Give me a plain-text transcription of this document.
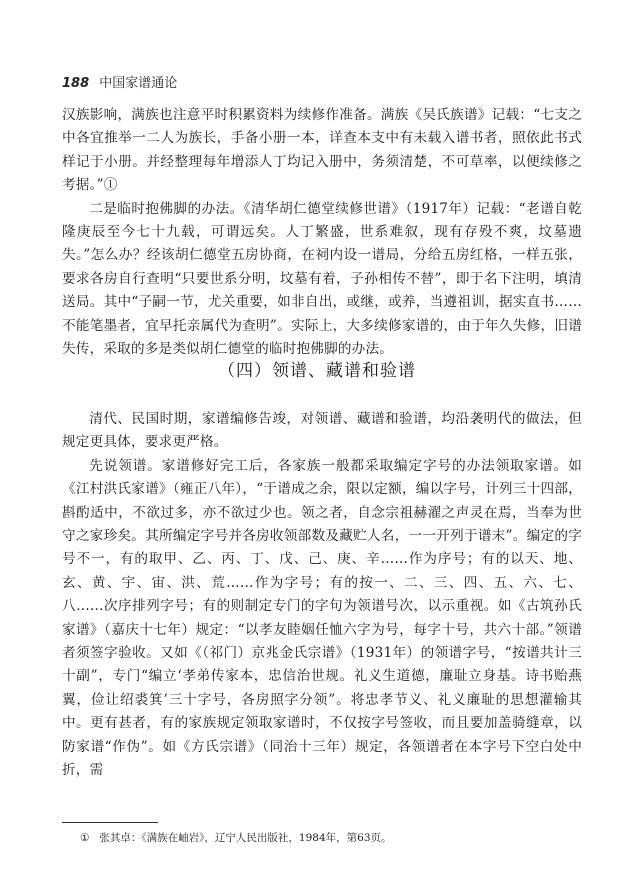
188 中国家谱通论

汉族影响，满族也注意平时积累资料为续修作准备。满族《吴氏族谱》记载：“七支之中各宜推举一二人为族长，手备小册一本，详查本支中有未载入谱书者，照依此书式样记于小册。并经整理每年增添人丁均记入册中，务须清楚，不可草率，以便续修之考据。”①

二是临时抱佛脚的办法。《清华胡仁德堂续修世谱》（1917年）记载：“老谱自乾隆庚辰至今七十九载，可谓远矣。人丁繁盛，世系难叙，现有存殁不爽，坟墓遗失。”怎么办？经该胡仁德堂五房协商，在祠内设一谱局，分给五房红格，一样五张，要求各房自行查明“只要世系分明，坟墓有着，子孙相传不替”，即于名下注明，填清送局。其中“子嗣一节，尤关重要，如非自出，或继，或养，当遵祖训，据实直书……不能笔墨者，宜早托亲属代为查明”。实际上，大多续修家谱的，由于年久失修，旧谱失传，采取的多是类似胡仁德堂的临时抱佛脚的办法。

（四）领谱、藏谱和验谱

清代、民国时期，家谱编修告竣，对领谱、藏谱和验谱，均沿袭明代的做法，但规定更具体，要求更严格。

先说领谱。家谱修好完工后，各家族一般都采取编定字号的办法领取家谱。如《江村洪氏家谱》（雍正八年），“于谱成之余，限以定额，编以字号，计列三十四部，斟酌适中，不欲过多，亦不欲过少也。领之者，自念宗祖赫濯之声灵在焉，当奉为世守之家珍矣。其所编定字号并各房收领部数及藏贮人名，一一开列于谱末”。编定的字号不一，有的取甲、乙、丙、丁、戊、己、庚、辛……作为序号；有的以天、地、玄、黄、宇、宙、洪、荒……作为字号；有的按一、二、三、四、五、六、七、八……次序排列字号；有的则制定专门的字句为领谱号次，以示重视。如《古筑孙氏家谱》（嘉庆十七年）规定：“以孝友睦姻任恤六字为号，每字十号，共六十部。”领谱者须签字验收。又如《（祁门）京兆金氏宗谱》（1931年）的领谱字号，“按谱共计三十副”，专门“编立‘孝弟传家本，忠信治世规。礼义生道德，廉耻立身基。诗书贻燕翼，俭让绍裘箕’三十字号，各房照字分领”。将忠孝节义、礼义廉耻的思想灌输其中。更有甚者，有的家族规定领取家谱时，不仅按字号签收，而且要加盖骑缝章，以防家谱“作伪”。如《方氏宗谱》（同治十三年）规定，各领谱者在本字号下空白处中折，需

① 张其卓：《满族在岫岩》，辽宁人民出版社，1984年，第63页。
